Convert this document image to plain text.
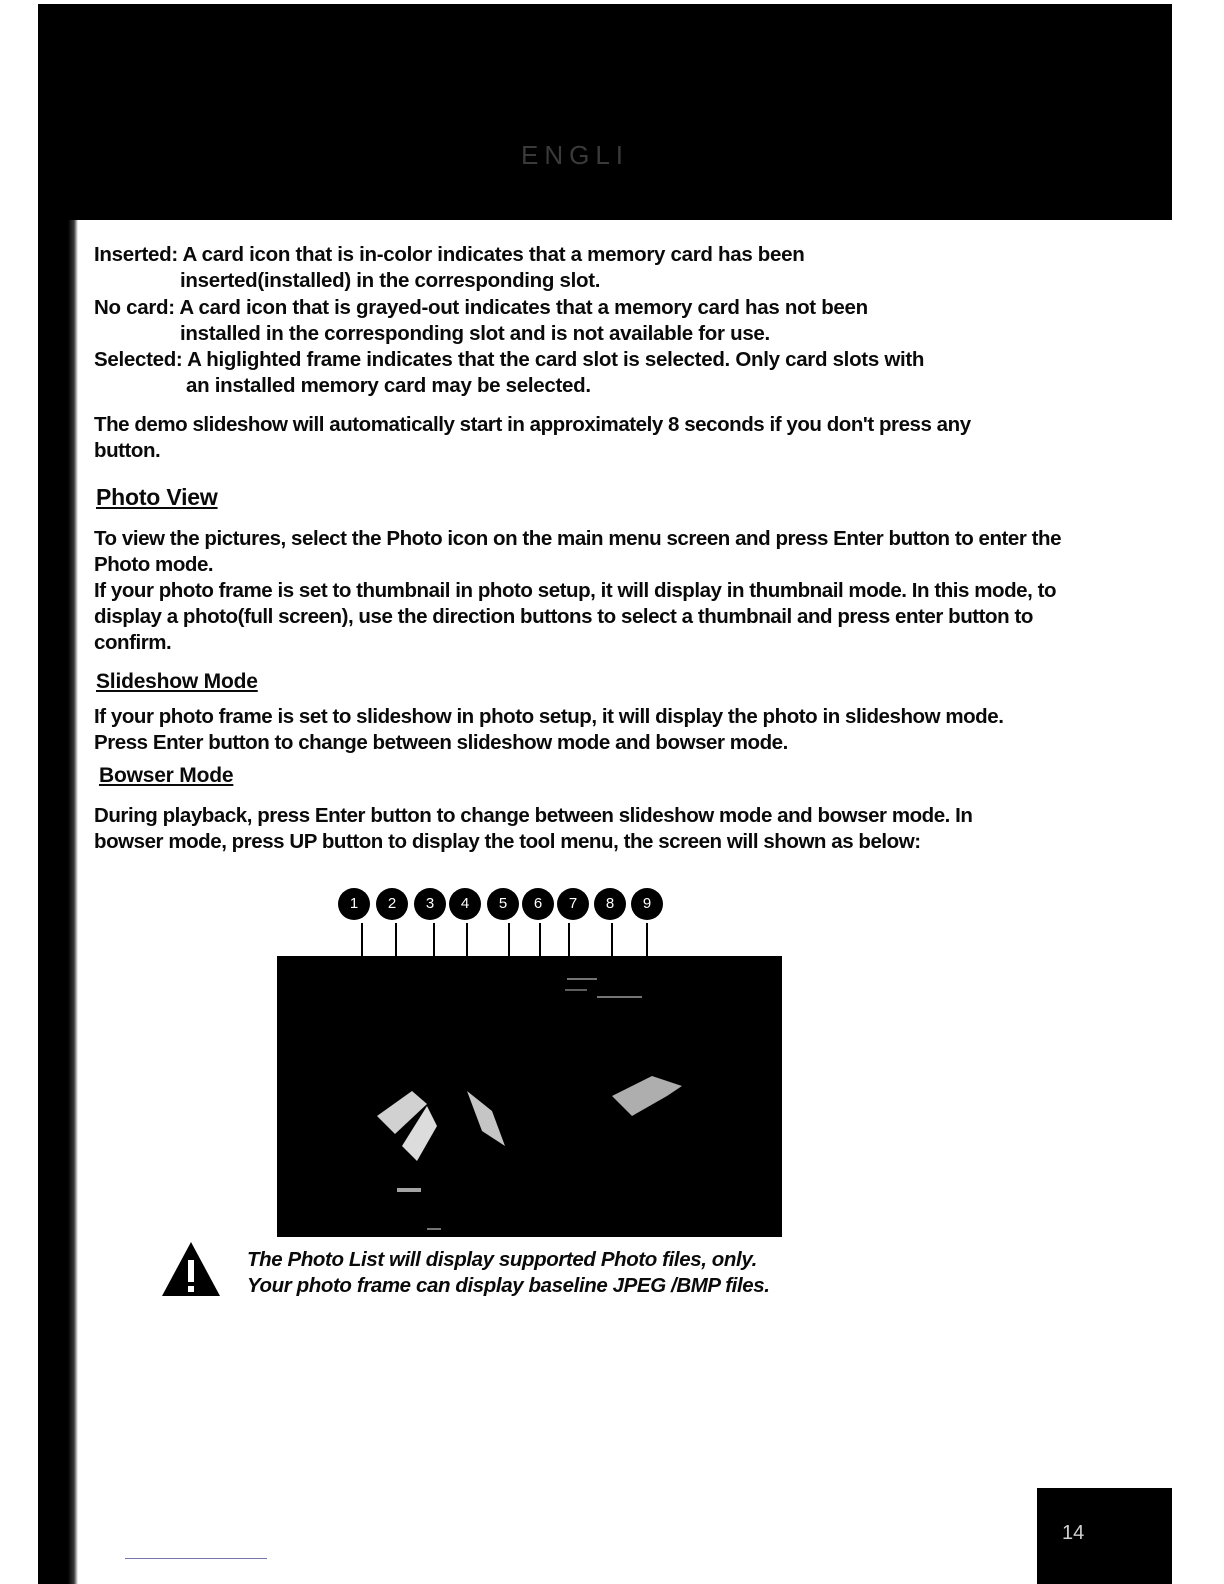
ENGLI
Inserted: A card icon that is in-color indicates that a memory card has been
inserted(installed) in the corresponding slot.
No card: A card icon that is grayed-out indicates that a memory card has not been
installed in the corresponding slot and is not available for use.
Selected: A higlighted frame indicates that the card slot is selected. Only card slots with
an installed memory card may be selected.
The demo slideshow will automatically start in approximately 8 seconds if you don't press any button.
Photo View
To view the pictures, select the Photo icon on the main menu screen and press Enter button to enter the Photo mode.
If your photo frame is set to thumbnail in photo setup, it will display in thumbnail mode. In this mode, to display a photo(full screen), use the direction buttons to select a thumbnail and press enter button to confirm.
Slideshow Mode
If your photo frame is set to slideshow in photo setup, it will display the photo in slideshow mode. Press Enter button to change between slideshow mode and bowser mode.
Bowser Mode
During playback, press Enter button to change between slideshow mode and bowser mode. In bowser mode, press UP button to display the tool menu, the screen will shown as below:
1	2	3	4	5	6	7	8	9
The Photo List will display supported Photo files, only.
Your photo frame can display baseline JPEG /BMP files.
14
